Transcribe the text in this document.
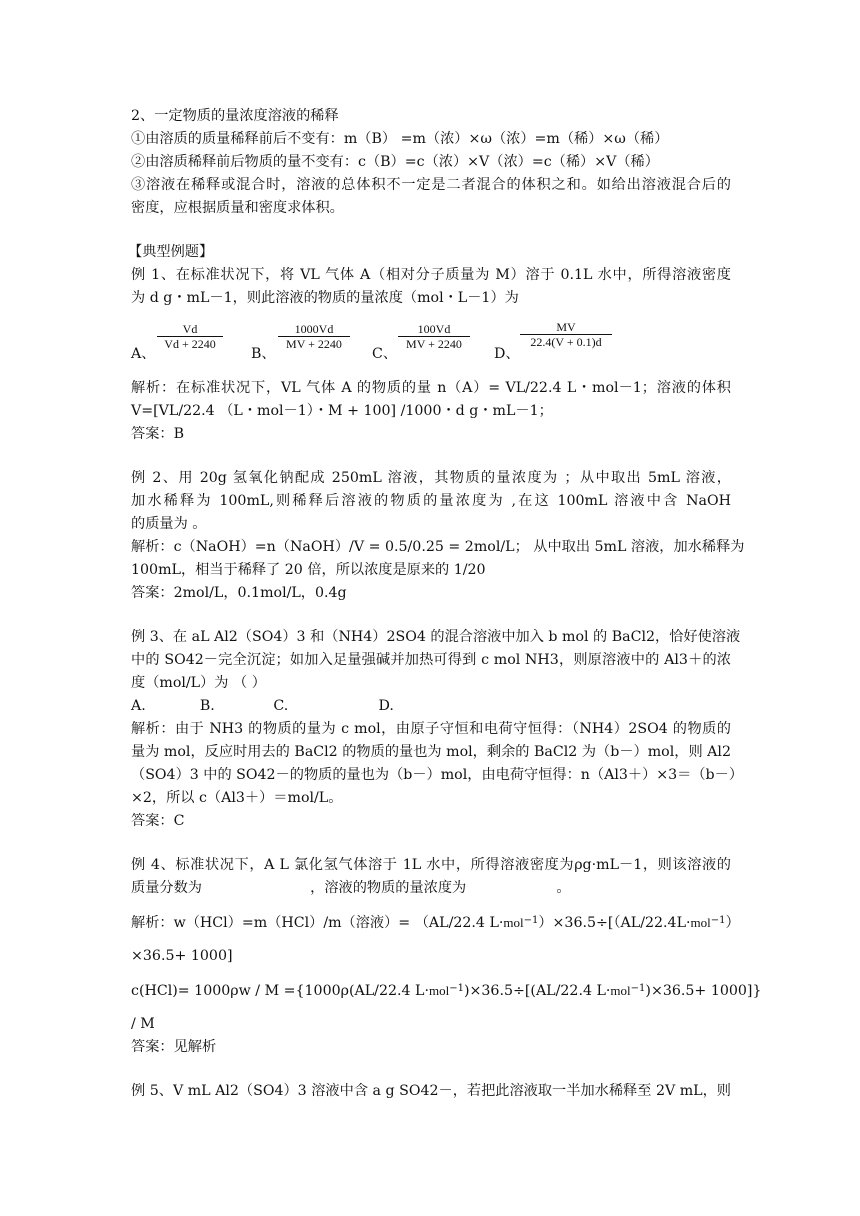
2、一定物质的量浓度溶液的稀释
①由溶质的质量稀释前后不变有：m（B） =m（浓）×ω（浓）=m（稀）×ω（稀）
②由溶质稀释前后物质的量不变有：c（B）=c（浓）×V（浓）=c（稀）×V（稀）
③溶液在稀释或混合时，溶液的总体积不一定是二者混合的体积之和。如给出溶液混合后的
密度，应根据质量和密度求体积。
【典型例题】
例 1、在标准状况下，将 VL 气体 A（相对分子质量为 M）溶于 0.1L 水中，所得溶液密度
为 d g・mL－1，则此溶液的物质的量浓度（mol・L－1）为
A、
Vd
Vd + 2240
B、
1000Vd
MV + 2240
C、
100Vd
MV + 2240
D、
MV
22.4(V + 0.1)d
解析：在标准状况下，VL 气体 A 的物质的量 n（A）= VL/22.4 L・mol－1；溶液的体积
V=[VL/22.4 （L・mol－1）・M + 100] /1000・d g・mL－1；
答案：B
例 2、用 20g 氢氧化钠配成 250mL 溶液，其物质的量浓度为 ；从中取出 5mL 溶液，
加水稀释为 100mL,则稀释后溶液的物质的量浓度为 ,在这 100mL 溶液中含 NaOH
的质量为 。
解析：c（NaOH）=n（NaOH）/V = 0.5/0.25 = 2mol/L； 从中取出 5mL 溶液，加水稀释为
100mL，相当于稀释了 20 倍，所以浓度是原来的 1/20
答案：2mol/L，0.1mol/L，0.4g
例 3、在 aL Al2（SO4）3 和（NH4）2SO4 的混合溶液中加入 b mol 的 BaCl2，恰好使溶液
中的 SO42－完全沉淀；如加入足量强碱并加热可得到 c mol NH3，则原溶液中的 Al3＋的浓
度（mol/L）为 （ ）
A.            B.             C.                    D.
解析：由于 NH3 的物质的量为 c mol，由原子守恒和电荷守恒得：（NH4）2SO4 的物质的
量为 mol，反应时用去的 BaCl2 的物质的量也为 mol，剩余的 BaCl2 为（b－）mol，则 Al2
（SO4）3 中的 SO42－的物质的量也为（b－）mol，由电荷守恒得：n（Al3＋）×3＝（b－）
×2，所以 c（Al3＋）＝mol/L。
答案：C
例 4、标准状况下，A L 氯化氢气体溶于 1L 水中，所得溶液密度为ρg·mL－1，则该溶液的
质量分数为                        ，溶液的物质的量浓度为                    。
解析：w（HCl）=m（HCl）/m（溶液）= （AL/22.4 L·mol$^{-1}$）×36.5÷[（AL/22.4L·mol$^{-1}$）
×36.5+ 1000]
c(HCl)= 1000ρw / M ={1000ρ(AL/22.4 L·mol$^{-1}$)×36.5÷[(AL/22.4 L·mol$^{-1}$)×36.5+ 1000]}
/ M
答案：见解析
例 5、V mL Al2（SO4）3 溶液中含 a g SO42－，若把此溶液取一半加水稀释至 2V mL，则
